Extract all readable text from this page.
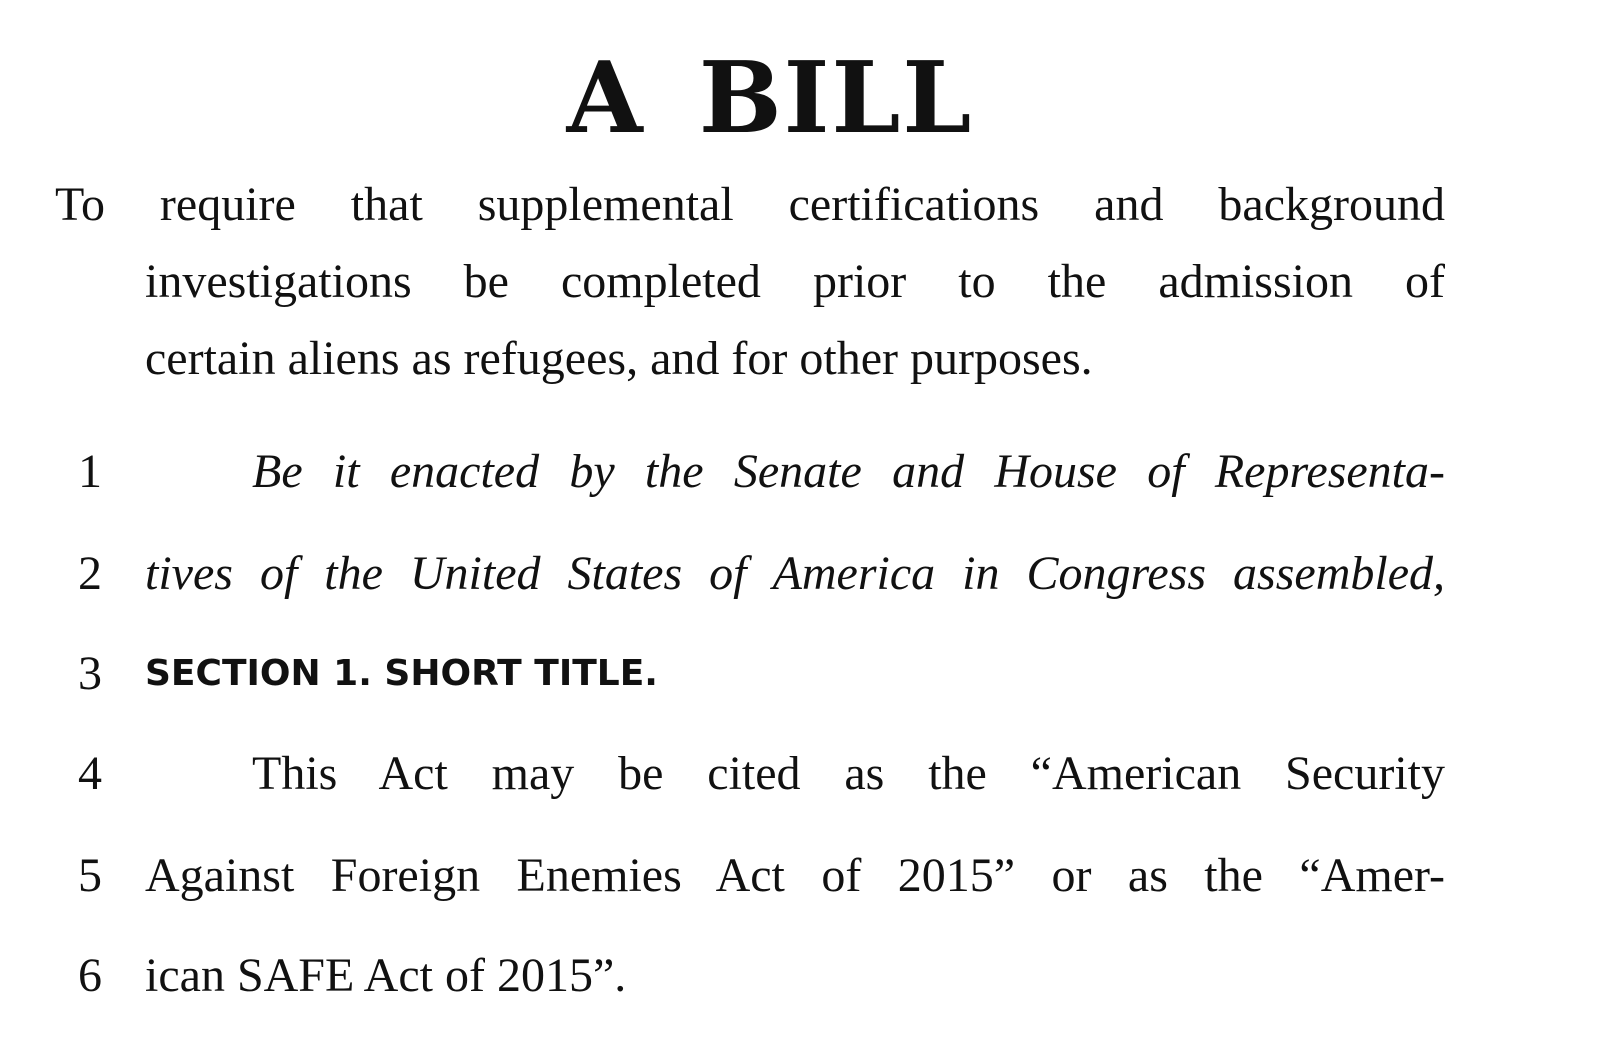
A BILL
To require that supplemental certifications and background
investigations be completed prior to the admission of
certain aliens as refugees, and for other purposes.
1	Be it enacted by the Senate and House of Representa-
2 tives of the United States of America in Congress assembled,
3	SECTION 1. SHORT TITLE.
4	This Act may be cited as the “American Security
5 Against Foreign Enemies Act of 2015” or as the “Amer-
6 ican SAFE Act of 2015”.
